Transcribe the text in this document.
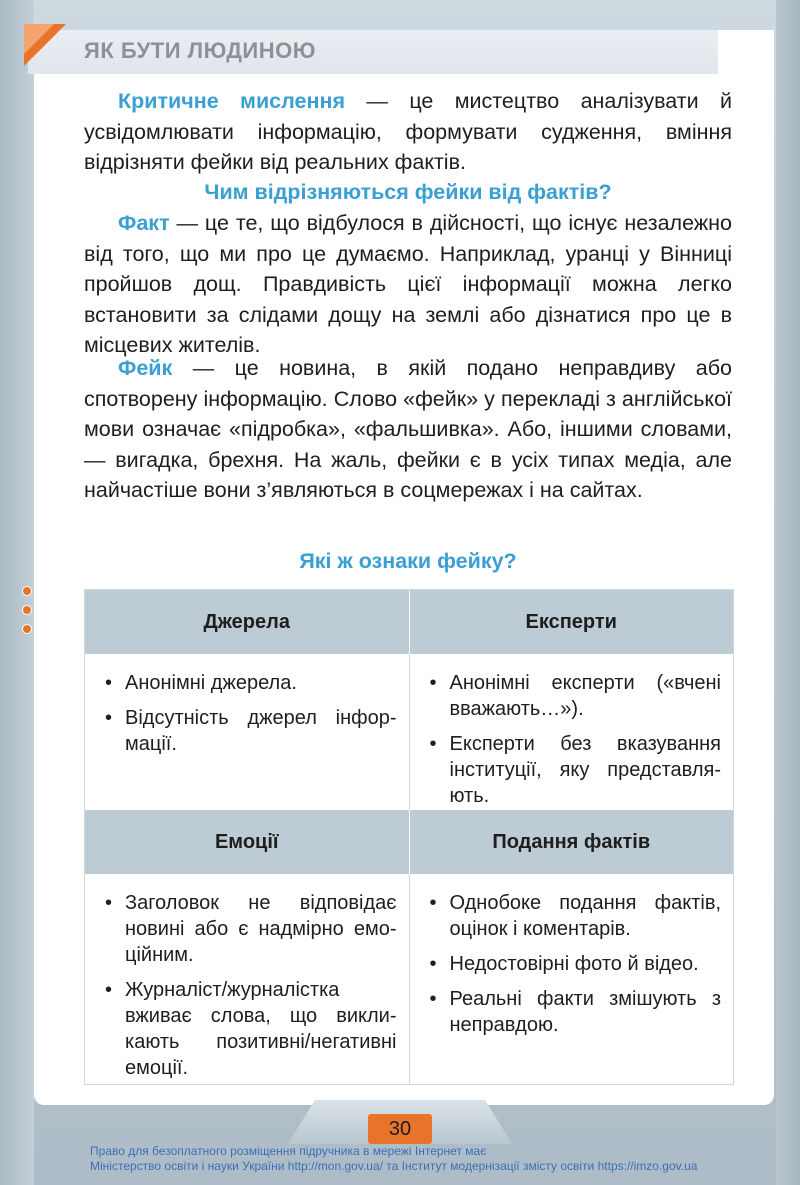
ЯК БУТИ ЛЮДИНОЮ

Критичне мислення — це мистецтво аналізувати й усвідомлювати інформацію, формувати судження, вміння відрізняти фейки від реальних фактів.

Чим відрізняються фейки від фактів?

Факт — це те, що відбулося в дійсності, що існує незалежно від того, що ми про це думаємо. Наприклад, уранці у Вінниці пройшов дощ. Правдивість цієї інформації можна легко встановити за слідами дощу на землі або дізнатися про це в місцевих жителів.

Фейк — це новина, в якій подано неправдиву або спотворену інформацію. Слово «фейк» у перекладі з англійської мови означає «підробка», «фальшивка». Або, іншими словами, — вигадка, брехня. На жаль, фейки є в усіх типах медіа, але найчастіше вони з’являються в соцмережах і на сайтах.

Які ж ознаки фейку?
Джерела	Експерти
• Анонімні джерела.
• Відсутність джерел інформації.
• Анонімні експерти («вчені вважають…»).
• Експерти без вказування інституції, яку представляють.
Емоції	Подання фактів
• Заголовок не відповідає новині або є надмірно емоційним.
• Журналіст/журналістка вживає слова, що викликають позитивні/негативні емоції.
• Однобоке подання фактів, оцінок і коментарів.
• Недостовірні фото й відео.
• Реальні факти змішують з неправдою.
30
Право для безоплатного розміщення підручника в мережі Інтернет має
Міністерство освіти і науки України http://mon.gov.ua/ та Інститут модернізації змісту освіти https://imzo.gov.ua
